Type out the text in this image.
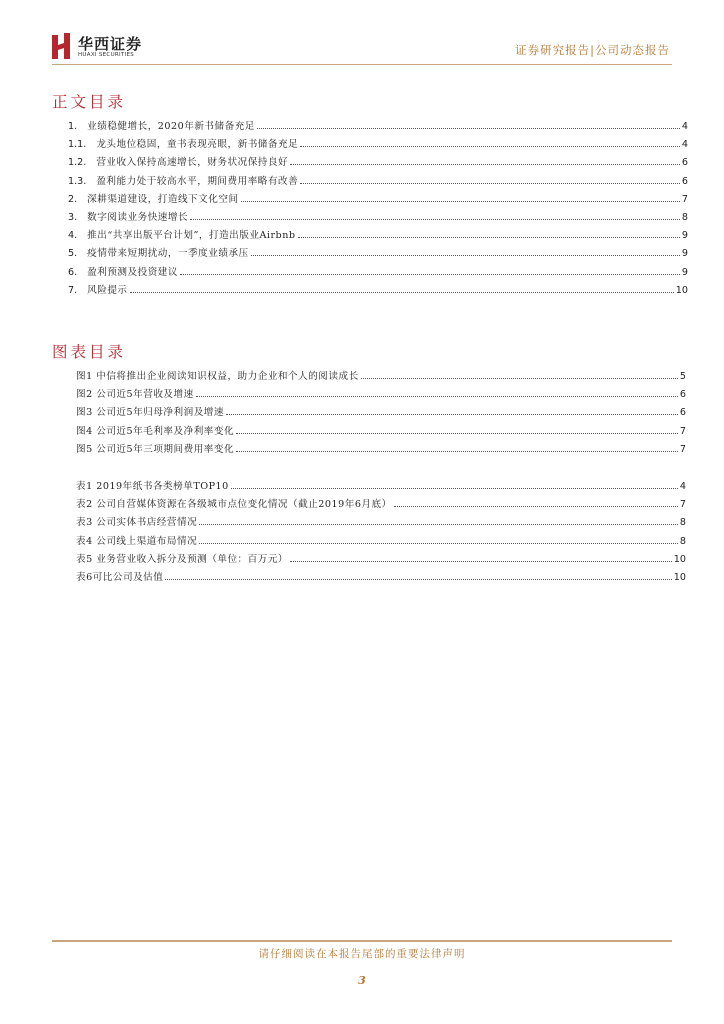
华西证券
HUAXI SECURITIES	证券研究报告|公司动态报告
正文目录
1. 业绩稳健增长，2020年新书储备充足	4
1.1. 龙头地位稳固，童书表现亮眼，新书储备充足	4
1.2. 营业收入保持高速增长，财务状况保持良好	6
1.3. 盈利能力处于较高水平，期间费用率略有改善	6
2. 深耕渠道建设，打造线下文化空间	7
3. 数字阅读业务快速增长	8
4. 推出“共享出版平台计划”，打造出版业Airbnb	9
5. 疫情带来短期扰动，一季度业绩承压	9
6. 盈利预测及投资建议	9
7. 风险提示	10
图表目录
图1 中信将推出企业阅读知识权益，助力企业和个人的阅读成长	5
图2 公司近5年营收及增速	6
图3 公司近5年归母净利润及增速	6
图4 公司近5年毛利率及净利率变化	7
图5 公司近5年三项期间费用率变化	7
表1 2019年纸书各类榜单TOP10	4
表2 公司自营媒体资源在各级城市点位变化情况（截止2019年6月底）	7
表3 公司实体书店经营情况	8
表4 公司线上渠道布局情况	8
表5 业务营业收入拆分及预测（单位：百万元）	10
表6可比公司及估值	10
请仔细阅读在本报告尾部的重要法律声明
3
